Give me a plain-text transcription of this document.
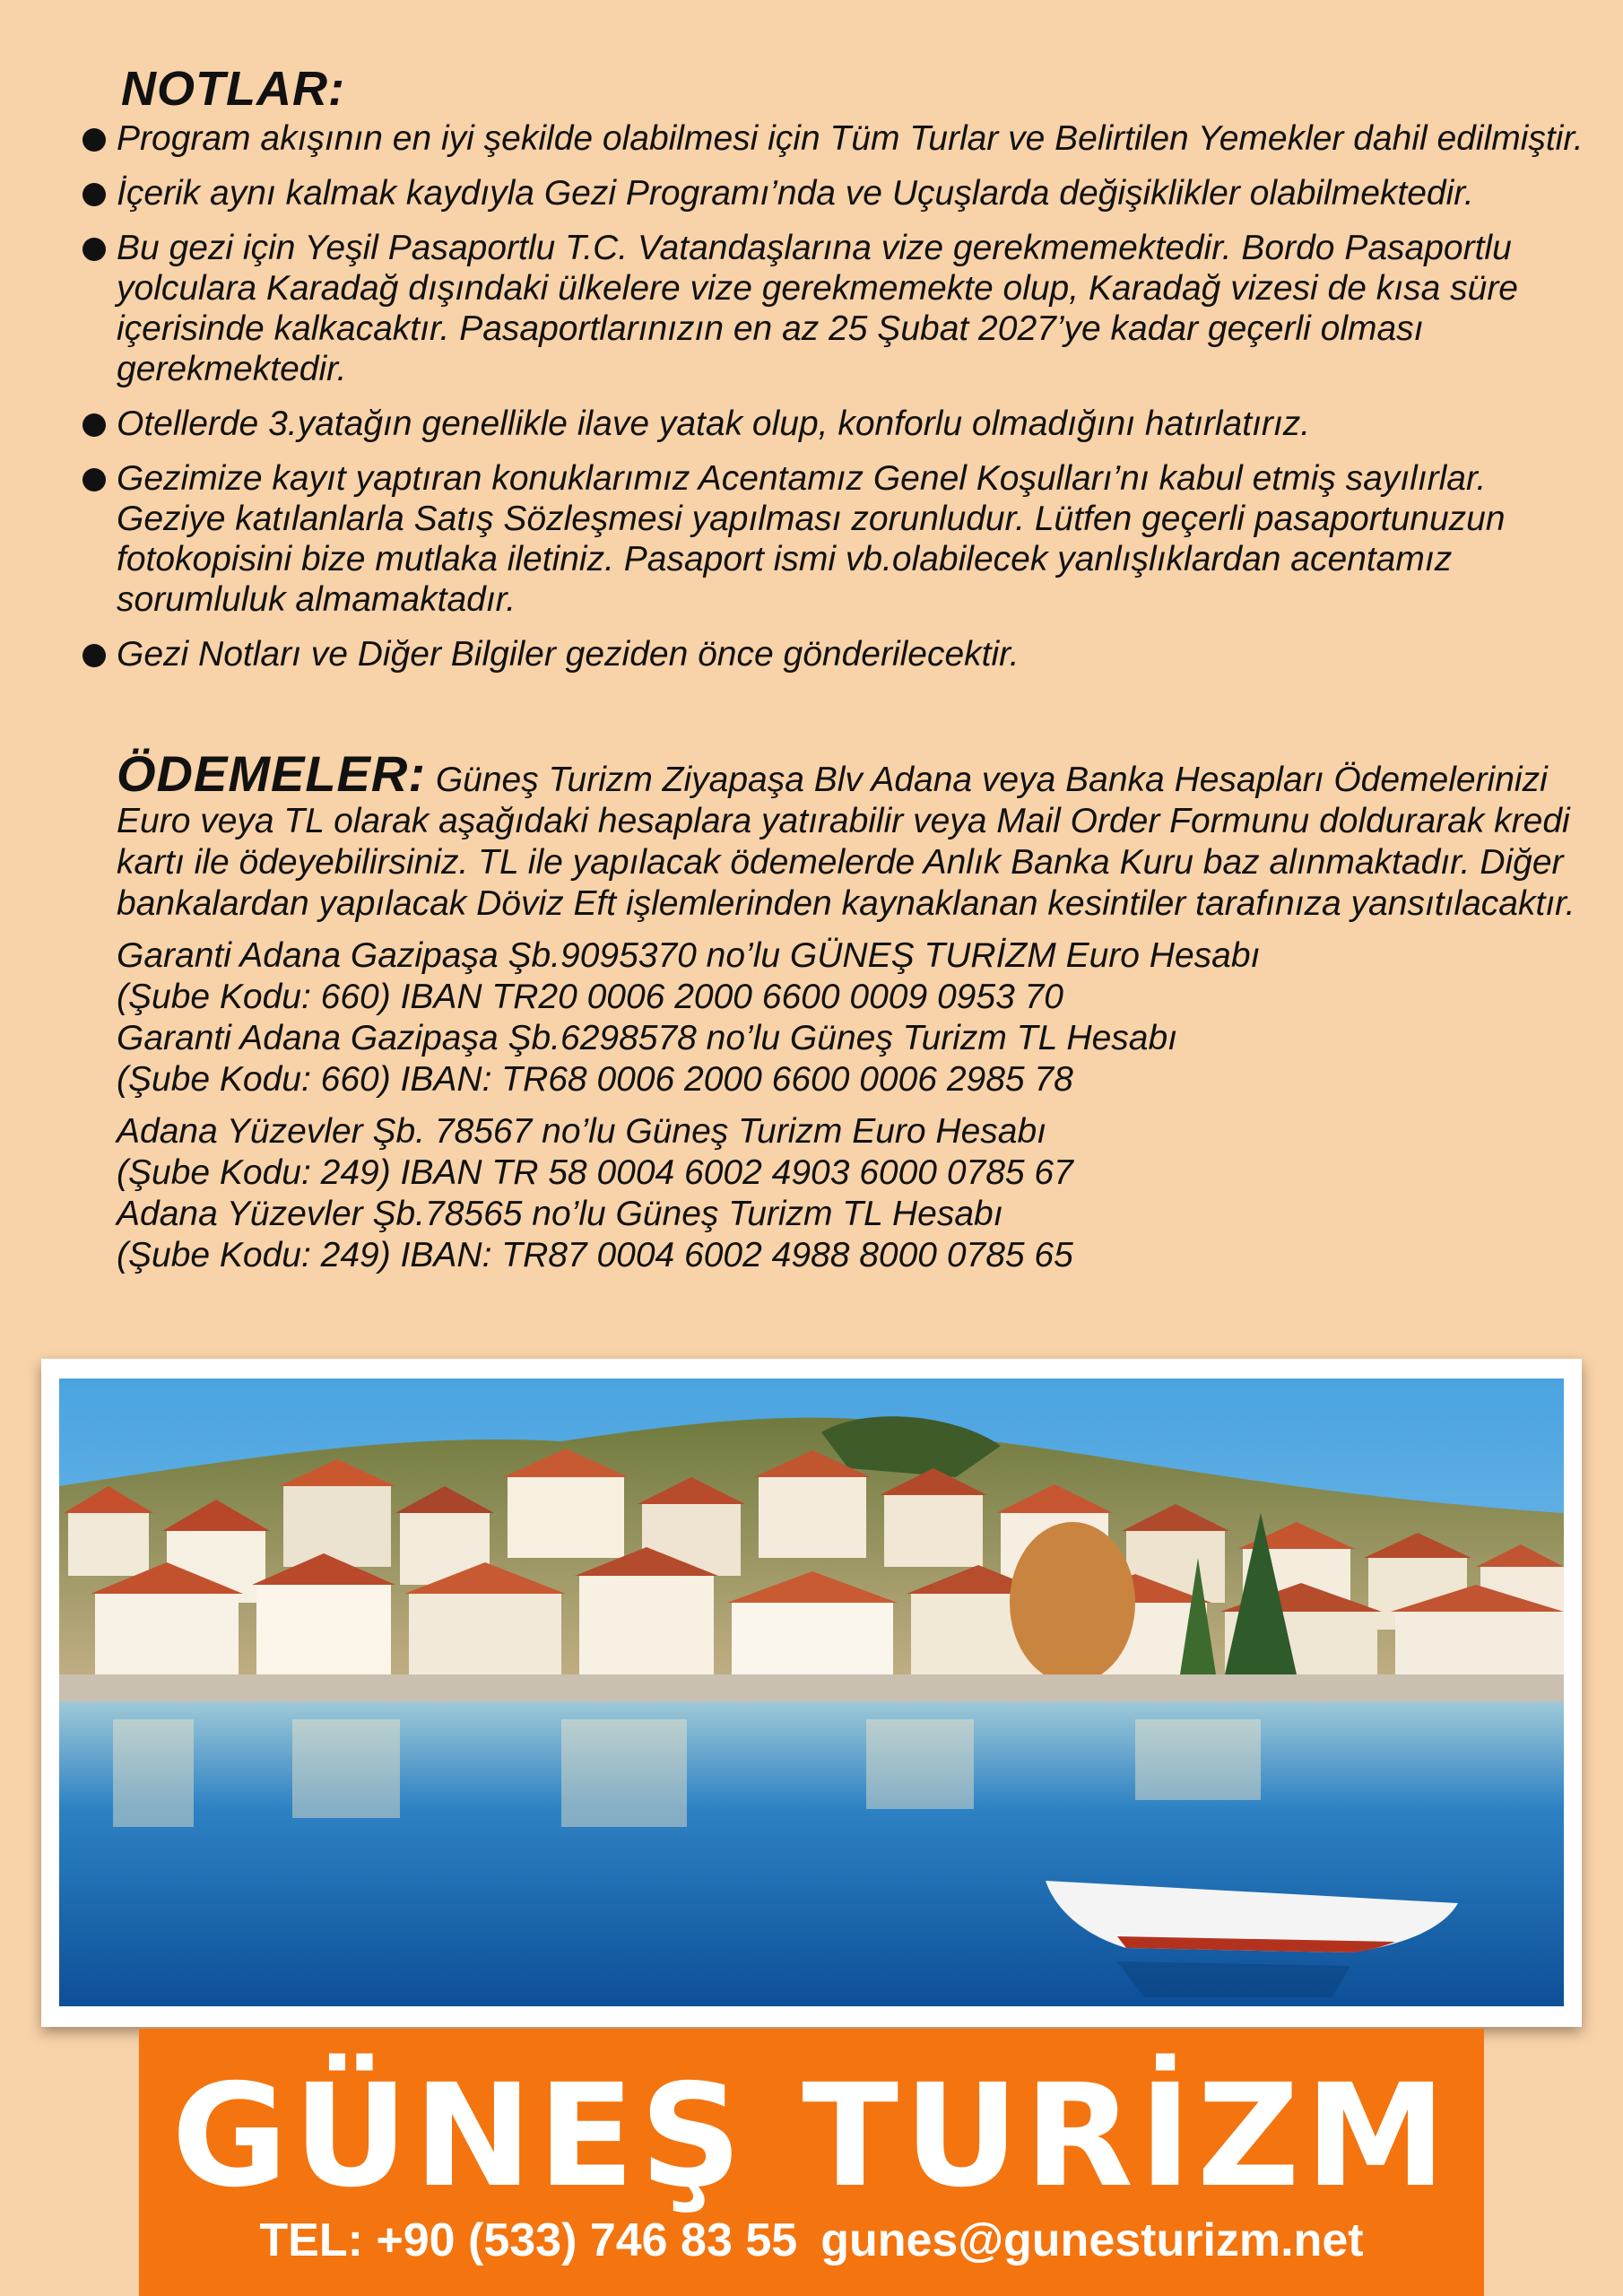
NOTLAR:
Program akışının en iyi şekilde olabilmesi için Tüm Turlar ve Belirtilen Yemekler dahil edilmiştir.
İçerik aynı kalmak kaydıyla Gezi Programı’nda ve Uçuşlarda değişiklikler olabilmektedir.
Bu gezi için Yeşil Pasaportlu T.C. Vatandaşlarına vize gerekmemektedir. Bordo Pasaportlu yolculara Karadağ dışındaki ülkelere vize gerekmemekte olup, Karadağ vizesi de kısa süre içerisinde kalkacaktır. Pasaportlarınızın en az 25 Şubat 2027’ye kadar geçerli olması gerekmektedir.
Otellerde 3.yatağın genellikle ilave yatak olup, konforlu olmadığını hatırlatırız.
Gezimize kayıt yaptıran konuklarımız Acentamız Genel Koşulları’nı kabul etmiş sayılırlar. Geziye katılanlarla Satış Sözleşmesi yapılması zorunludur. Lütfen geçerli pasaportunuzun fotokopisini bize mutlaka iletiniz. Pasaport ismi vb.olabilecek yanlışlıklardan acentamız sorumluluk almamaktadır.
Gezi Notları ve Diğer Bilgiler geziden önce gönderilecektir.
ÖDEMELER: Güneş Turizm Ziyapaşa Blv Adana veya Banka Hesapları Ödemelerinizi Euro veya TL olarak aşağıdaki hesaplara yatırabilir veya Mail Order Formunu doldurarak kredi kartı ile ödeyebilirsiniz. TL ile yapılacak ödemelerde Anlık Banka Kuru baz alınmaktadır. Diğer bankalardan yapılacak Döviz Eft işlemlerinden kaynaklanan kesintiler tarafınıza yansıtılacaktır.
Garanti Adana Gazipaşa Şb.9095370 no’lu GÜNEŞ TURİZM Euro Hesabı
(Şube Kodu: 660) IBAN TR20 0006 2000 6600 0009 0953 70
Garanti Adana Gazipaşa Şb.6298578 no’lu Güneş Turizm TL Hesabı
(Şube Kodu: 660) IBAN: TR68 0006 2000 6600 0006 2985 78
Adana Yüzevler Şb. 78567 no’lu Güneş Turizm Euro Hesabı
(Şube Kodu: 249) IBAN TR 58 0004 6002 4903 6000 0785 67
Adana Yüzevler Şb.78565 no’lu Güneş Turizm TL Hesabı
(Şube Kodu: 249) IBAN: TR87 0004 6002 4988 8000 0785 65
GÜNEŞ TURİZM
TEL: +90 (533) 746 83 55 gunes@gunesturizm.net
